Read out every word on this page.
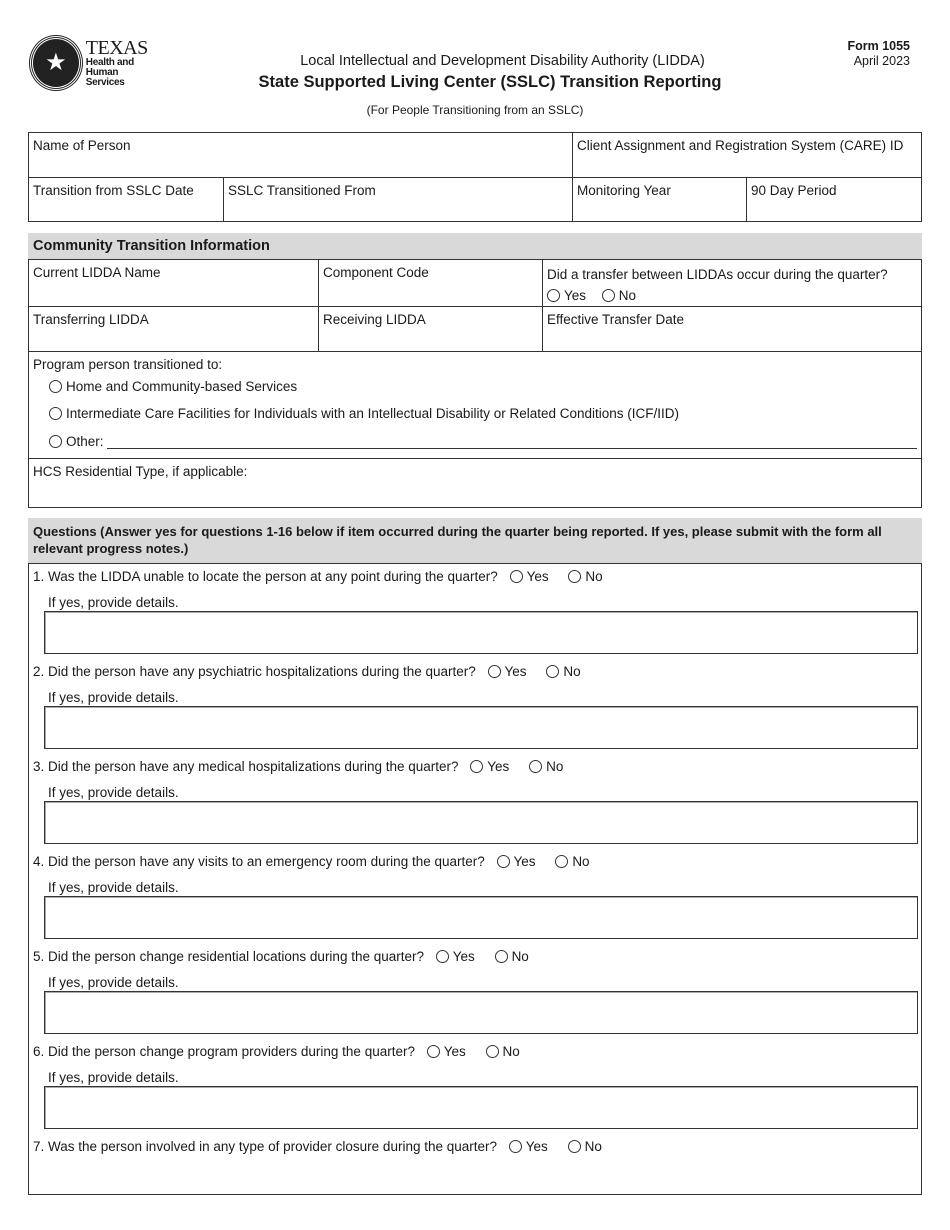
★
TEXAS
Health and Human
Services
Local Intellectual and Development Disability Authority (LIDDA)
State Supported Living Center (SSLC) Transition Reporting
(For People Transitioning from an SSLC)
Form 1055
April 2023
Name of Person	Client Assignment and Registration System (CARE) ID
Transition from SSLC Date	SSLC Transitioned From	Monitoring Year	90 Day Period
Community Transition Information
Current LIDDA Name	Component Code	Did a transfer between LIDDAs occur during the quarter?
Yes No
Transferring LIDDA	Receiving LIDDA	Effective Transfer Date
Program person transitioned to:
Home and Community-based Services
Intermediate Care Facilities for Individuals with an Intellectual Disability or Related Conditions (ICF/IID)
Other:
HCS Residential Type, if applicable:
Questions (Answer yes for questions 1-16 below if item occurred during the quarter being reported. If yes, please submit with the form all relevant progress notes.)
1. Was the LIDDA unable to locate the person at any point during the quarter? Yes	No
If yes, provide details.
2. Did the person have any psychiatric hospitalizations during the quarter? Yes	No
If yes, provide details.
3. Did the person have any medical hospitalizations during the quarter? Yes	No
If yes, provide details.
4. Did the person have any visits to an emergency room during the quarter? Yes	No
If yes, provide details.
5. Did the person change residential locations during the quarter? Yes	No
If yes, provide details.
6. Did the person change program providers during the quarter? Yes	No
If yes, provide details.
7. Was the person involved in any type of provider closure during the quarter? Yes	No
